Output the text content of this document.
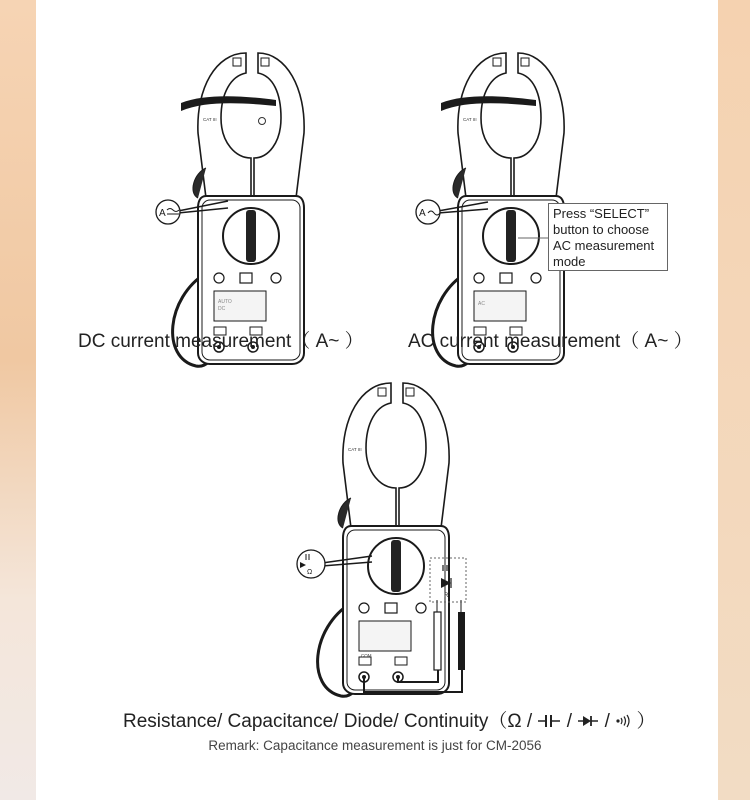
CAT III
AUTO
DC
A
CAT III
AC
A
CAT III
COM
R
Ω
DC current measurement（ A~ ） AC current measurement（ A~ ）
Press “SELECT”
button to choose
AC measurement
mode
Resistance/ Capacitance/ Diode/ Continuity（Ω / / / ）
Remark: Capacitance measurement is just for CM-2056
